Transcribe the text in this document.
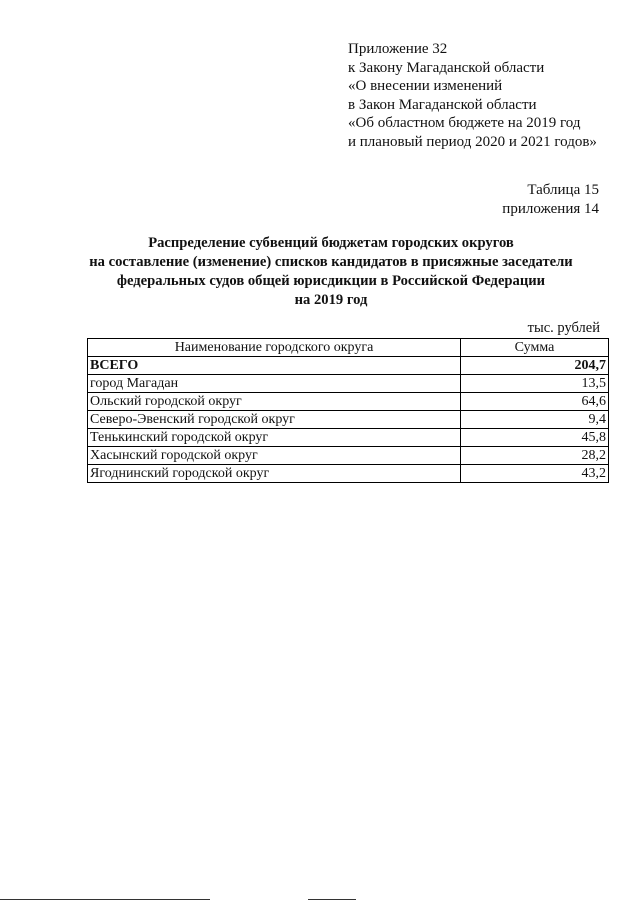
Приложение 32
к Закону Магаданской области
«О внесении изменений
в Закон Магаданской области
«Об областном бюджете на 2019 год
и плановый период 2020 и 2021 годов»
Таблица 15
приложения 14
Распределение субвенций бюджетам городских округов
на составление (изменение) списков кандидатов в присяжные заседатели
федеральных судов общей юрисдикции в Российской Федерации
на 2019 год
тыс. рублей
Наименование городского округа	Сумма
ВСЕГО	204,7
город Магадан	13,5
Ольский городской округ	64,6
Северо-Эвенский городской округ	9,4
Тенькинский городской округ	45,8
Хасынский городской округ	28,2
Ягоднинский городской округ	43,2
